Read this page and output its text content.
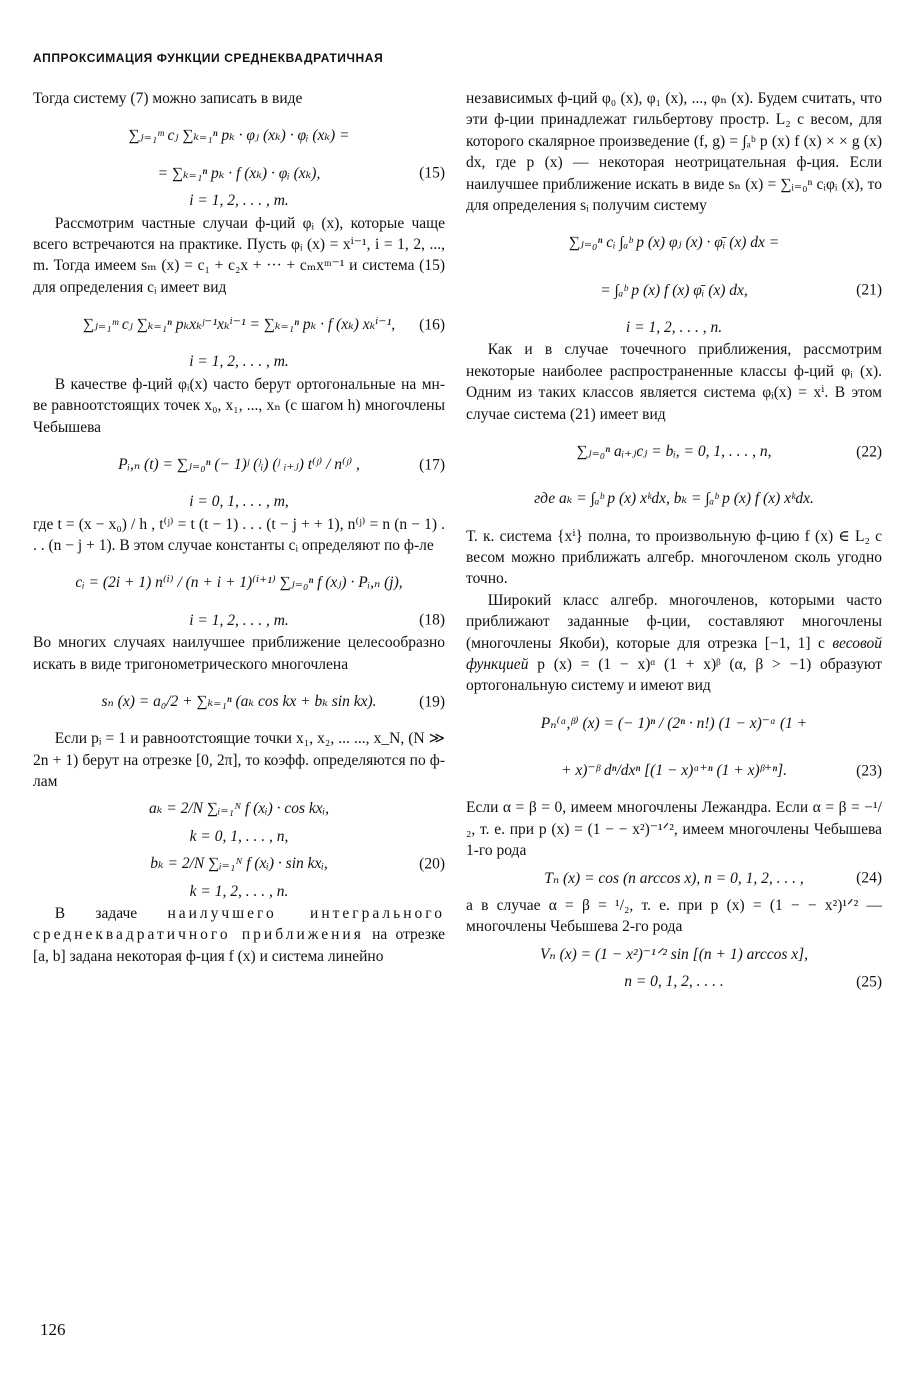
АППРОКСИМАЦИЯ ФУНКЦИИ СРЕДНЕКВАДРАТИЧНАЯ

Тогда систему (7) можно записать в виде

∑ⱼ₌₁ᵐ cⱼ ∑ₖ₌₁ⁿ pₖ · φⱼ (xₖ) · φᵢ (xₖ) =
= ∑ₖ₌₁ⁿ pₖ · f (xₖ) · φᵢ (xₖ),	(15)
i = 1, 2, . . . , m.

Рассмотрим частные случаи ф-ций φᵢ (x), которые чаще всего встречаются на практике. Пусть φᵢ (x) = xⁱ⁻¹, i = 1, 2, ..., m. Тогда имеем sₘ (x) = c₁ + c₂x + ··· + cₘxᵐ⁻¹ и система (15) для определения cᵢ имеет вид

∑ⱼ₌₁ᵐ cⱼ ∑ₖ₌₁ⁿ pₖxₖʲ⁻¹xₖⁱ⁻¹ = ∑ₖ₌₁ⁿ pₖ · f (xₖ) xₖⁱ⁻¹, (16)
i = 1, 2, . . . , m.

В качестве ф-ций φᵢ(x) часто берут ортогональные на мн-ве равноотстоящих точек x₀, x₁, ..., xₙ (с шагом h) многочлены Чебышева

Pᵢ,ₙ (t) = ∑ⱼ₌₀ⁿ (− 1)ʲ (ʲᵢ) (ʲ ᵢ₊ⱼ) t⁽ʲ⁾ / n⁽ʲ⁾ ,	(17)
i = 0, 1, . . . , m,

где t = (x − x₀) / h , t⁽ʲ⁾ = t (t − 1) . . . (t − j + + 1), n⁽ʲ⁾ = n (n − 1) . . . (n − j + 1). В этом случае константы cᵢ определяют по ф-ле

cᵢ = (2i + 1) n⁽ⁱ⁾ / (n + i + 1)⁽ⁱ⁺¹⁾ ∑ⱼ₌₀ⁿ f (xⱼ) · Pᵢ,ₙ (j),
i = 1, 2, . . . , m.	(18)

Во многих случаях наилучшее приближение целесообразно искать в виде тригонометрического многочлена

sₙ (x) = a₀/2 + ∑ₖ₌₁ⁿ (aₖ cos kx + bₖ sin kx).	(19)

Если pᵢ = 1 и равноотстоящие точки x₁, x₂, ... ..., x_N, (N ≫ 2n + 1) берут на отрезке [0, 2π], то коэфф. определяются по ф-лам

aₖ = 2/N ∑ᵢ₌₁ᴺ f (xᵢ) · cos kxᵢ,
k = 0, 1, . . . , n,
bₖ = 2/N ∑ᵢ₌₁ᴺ f (xᵢ) · sin kxᵢ,	(20)
k = 1, 2, . . . , n.

В задаче наилучшего интегрального среднеквадратичного приближения на отрезке [a, b] задана некоторая ф-ция f (x) и система линейно

независимых ф-ций φ₀ (x), φ₁ (x), ..., φₙ (x). Будем считать, что эти ф-ции принадлежат гильбертову простр. L₂ с весом, для которого скалярное произведение (f, g) = ∫ₐᵇ p (x) f (x) × × g (x) dx, где p (x) — некоторая неотрицательная ф-ция. Если наилучшее приближение искать в виде sₙ (x) = ∑ᵢ₌₀ⁿ cᵢφᵢ (x), то для определения sᵢ получим систему

∑ⱼ₌₀ⁿ cᵢ ∫ₐᵇ p (x) φⱼ (x) · φ̄ᵢ (x) dx =
= ∫ₐᵇ p (x) f (x) φ̄ᵢ (x) dx,	(21)
i = 1, 2, . . . , n.

Как и в случае точечного приближения, рассмотрим некоторые наиболее распространенные классы ф-ций φᵢ (x). Одним из таких классов является система φᵢ(x) = xⁱ. В этом случае система (21) имеет вид

∑ⱼ₌₀ⁿ aᵢ₊ⱼcⱼ = bᵢ, = 0, 1, . . . , n,	(22)
где aₖ = ∫ₐᵇ p (x) xᵏdx, bₖ = ∫ₐᵇ p (x) f (x) xᵏdx.

Т. к. система {xⁱ} полна, то произвольную ф-цию f (x) ∈ L₂ с весом можно приближать алгебр. многочленом сколь угодно точно.

Широкий класс алгебр. многочленов, которыми часто приближают заданные ф-ции, составляют многочлены (многочлены Якоби), которые для отрезка [−1, 1] с весовой функцией p (x) = (1 − x)ᵅ (1 + x)ᵝ (α, β > −1) образуют ортогональную систему и имеют вид

Pₙ⁽ᵅ,ᵝ⁾ (x) = (− 1)ⁿ / (2ⁿ · n!) (1 − x)⁻ᵅ (1 +
+ x)⁻ᵝ dⁿ/dxⁿ [(1 − x)ᵅ⁺ⁿ (1 + x)ᵝ⁺ⁿ].	(23)

Если α = β = 0, имеем многочлены Лежандра. Если α = β = −¹/₂, т. е. при p (x) = (1 − − x²)⁻¹ᐟ², имеем многочлены Чебышева 1-го рода

Tₙ (x) = cos (n arccos x), n = 0, 1, 2, . . . ,	(24)

а в случае α = β = ¹/₂, т. е. при p (x) = (1 − − x²)¹ᐟ² — многочлены Чебышева 2-го рода

Vₙ (x) = (1 − x²)⁻¹ᐟ² sin [(n + 1) arccos x],
n = 0, 1, 2, . . . .	(25)
126
